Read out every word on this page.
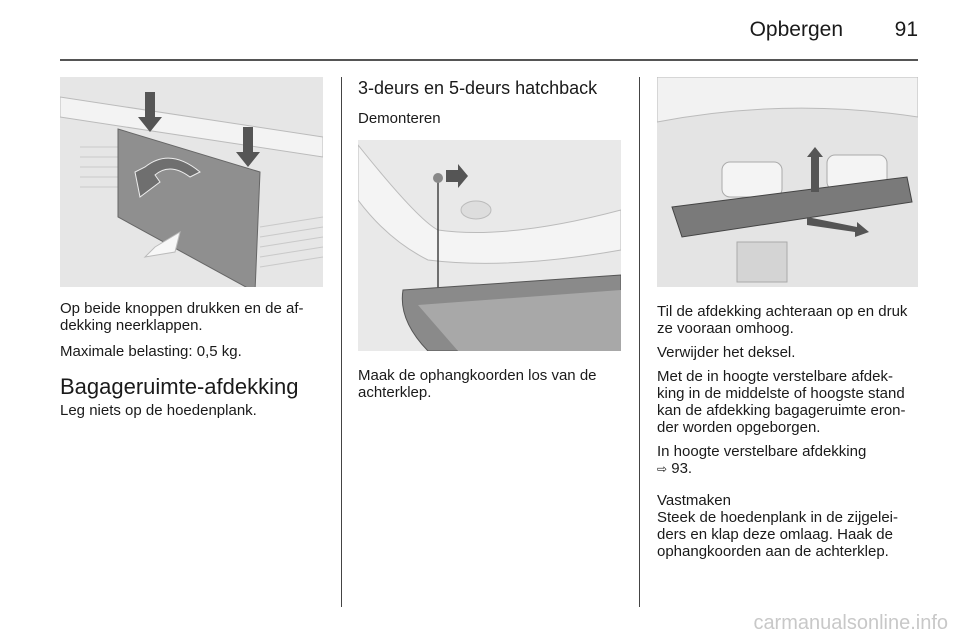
Opbergen	91
Op beide knoppen drukken en de af-
dekking neerklappen.
Maximale belasting: 0,5 kg.
Bagageruimte-afdekking
Leg niets op de hoedenplank.
3-deurs en 5-deurs hatchback
Demonteren
Maak de ophangkoorden los van de
achterklep.
Til de afdekking achteraan op en druk
ze vooraan omhoog.
Verwijder het deksel.
Met de in hoogte verstelbare afdek-
king in de middelste of hoogste stand
kan de afdekking bagageruimte eron-
der worden opgeborgen.
In hoogte verstelbare afdekking
⇨ 93.
Vastmaken
Steek de hoedenplank in de zijgelei-
ders en klap deze omlaag. Haak de
ophangkoorden aan de achterklep.
carmanualsonline.info
